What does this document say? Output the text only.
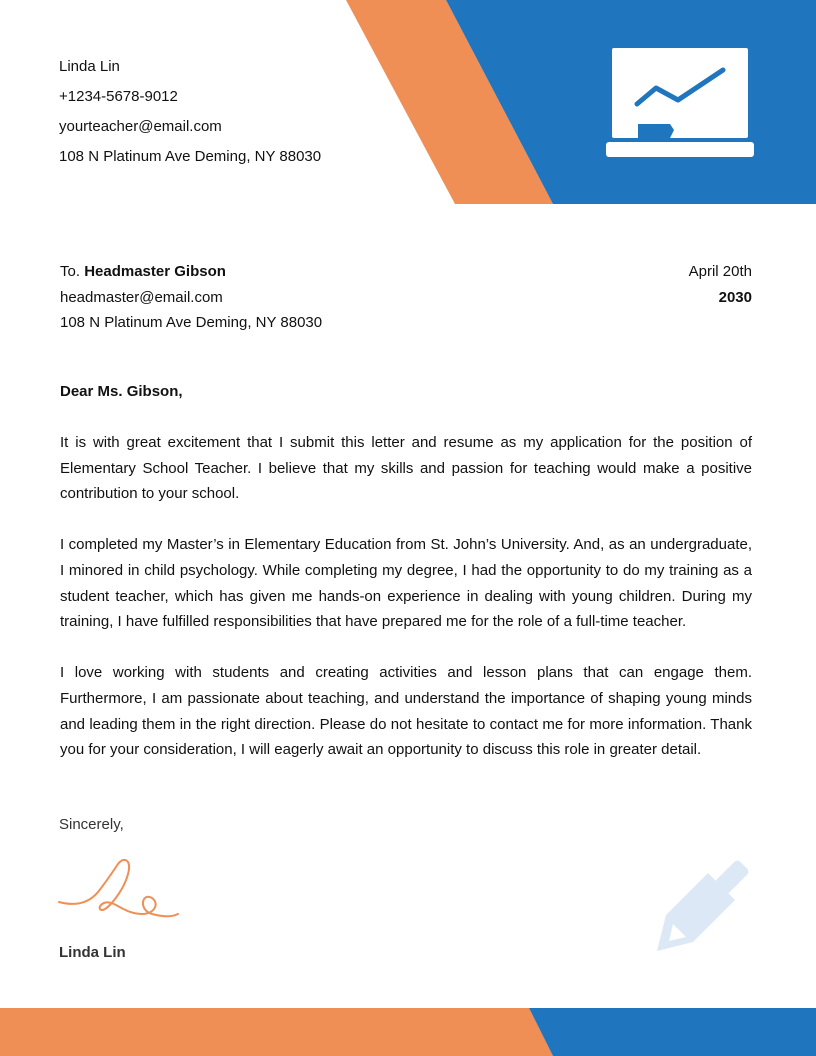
Linda Lin
+1234-5678-9012
yourteacher@email.com
108 N Platinum Ave Deming, NY 88030
To. Headmaster Gibson
headmaster@email.com
108 N Platinum Ave Deming, NY 88030
April 20th
2030
Dear Ms. Gibson,

It is with great excitement that I submit this letter and resume as my application for the position of Elementary School Teacher. I believe that my skills and passion for teaching would make a positive contribution to your school.

I completed my Master’s in Elementary Education from St. John’s University. And, as an undergraduate, I minored in child psychology. While completing my degree, I had the opportunity to do my training as a student teacher, which has given me hands-on experience in dealing with young children. During my training, I have fulfilled responsibilities that have prepared me for the role of a full-time teacher.

I love working with students and creating activities and lesson plans that can engage them. Furthermore, I am passionate about teaching, and understand the importance of shaping young minds and leading them in the right direction. Please do not hesitate to contact me for more information. Thank you for your consideration, I will eagerly await an opportunity to discuss this role in greater detail.

Sincerely,
Linda Lin
